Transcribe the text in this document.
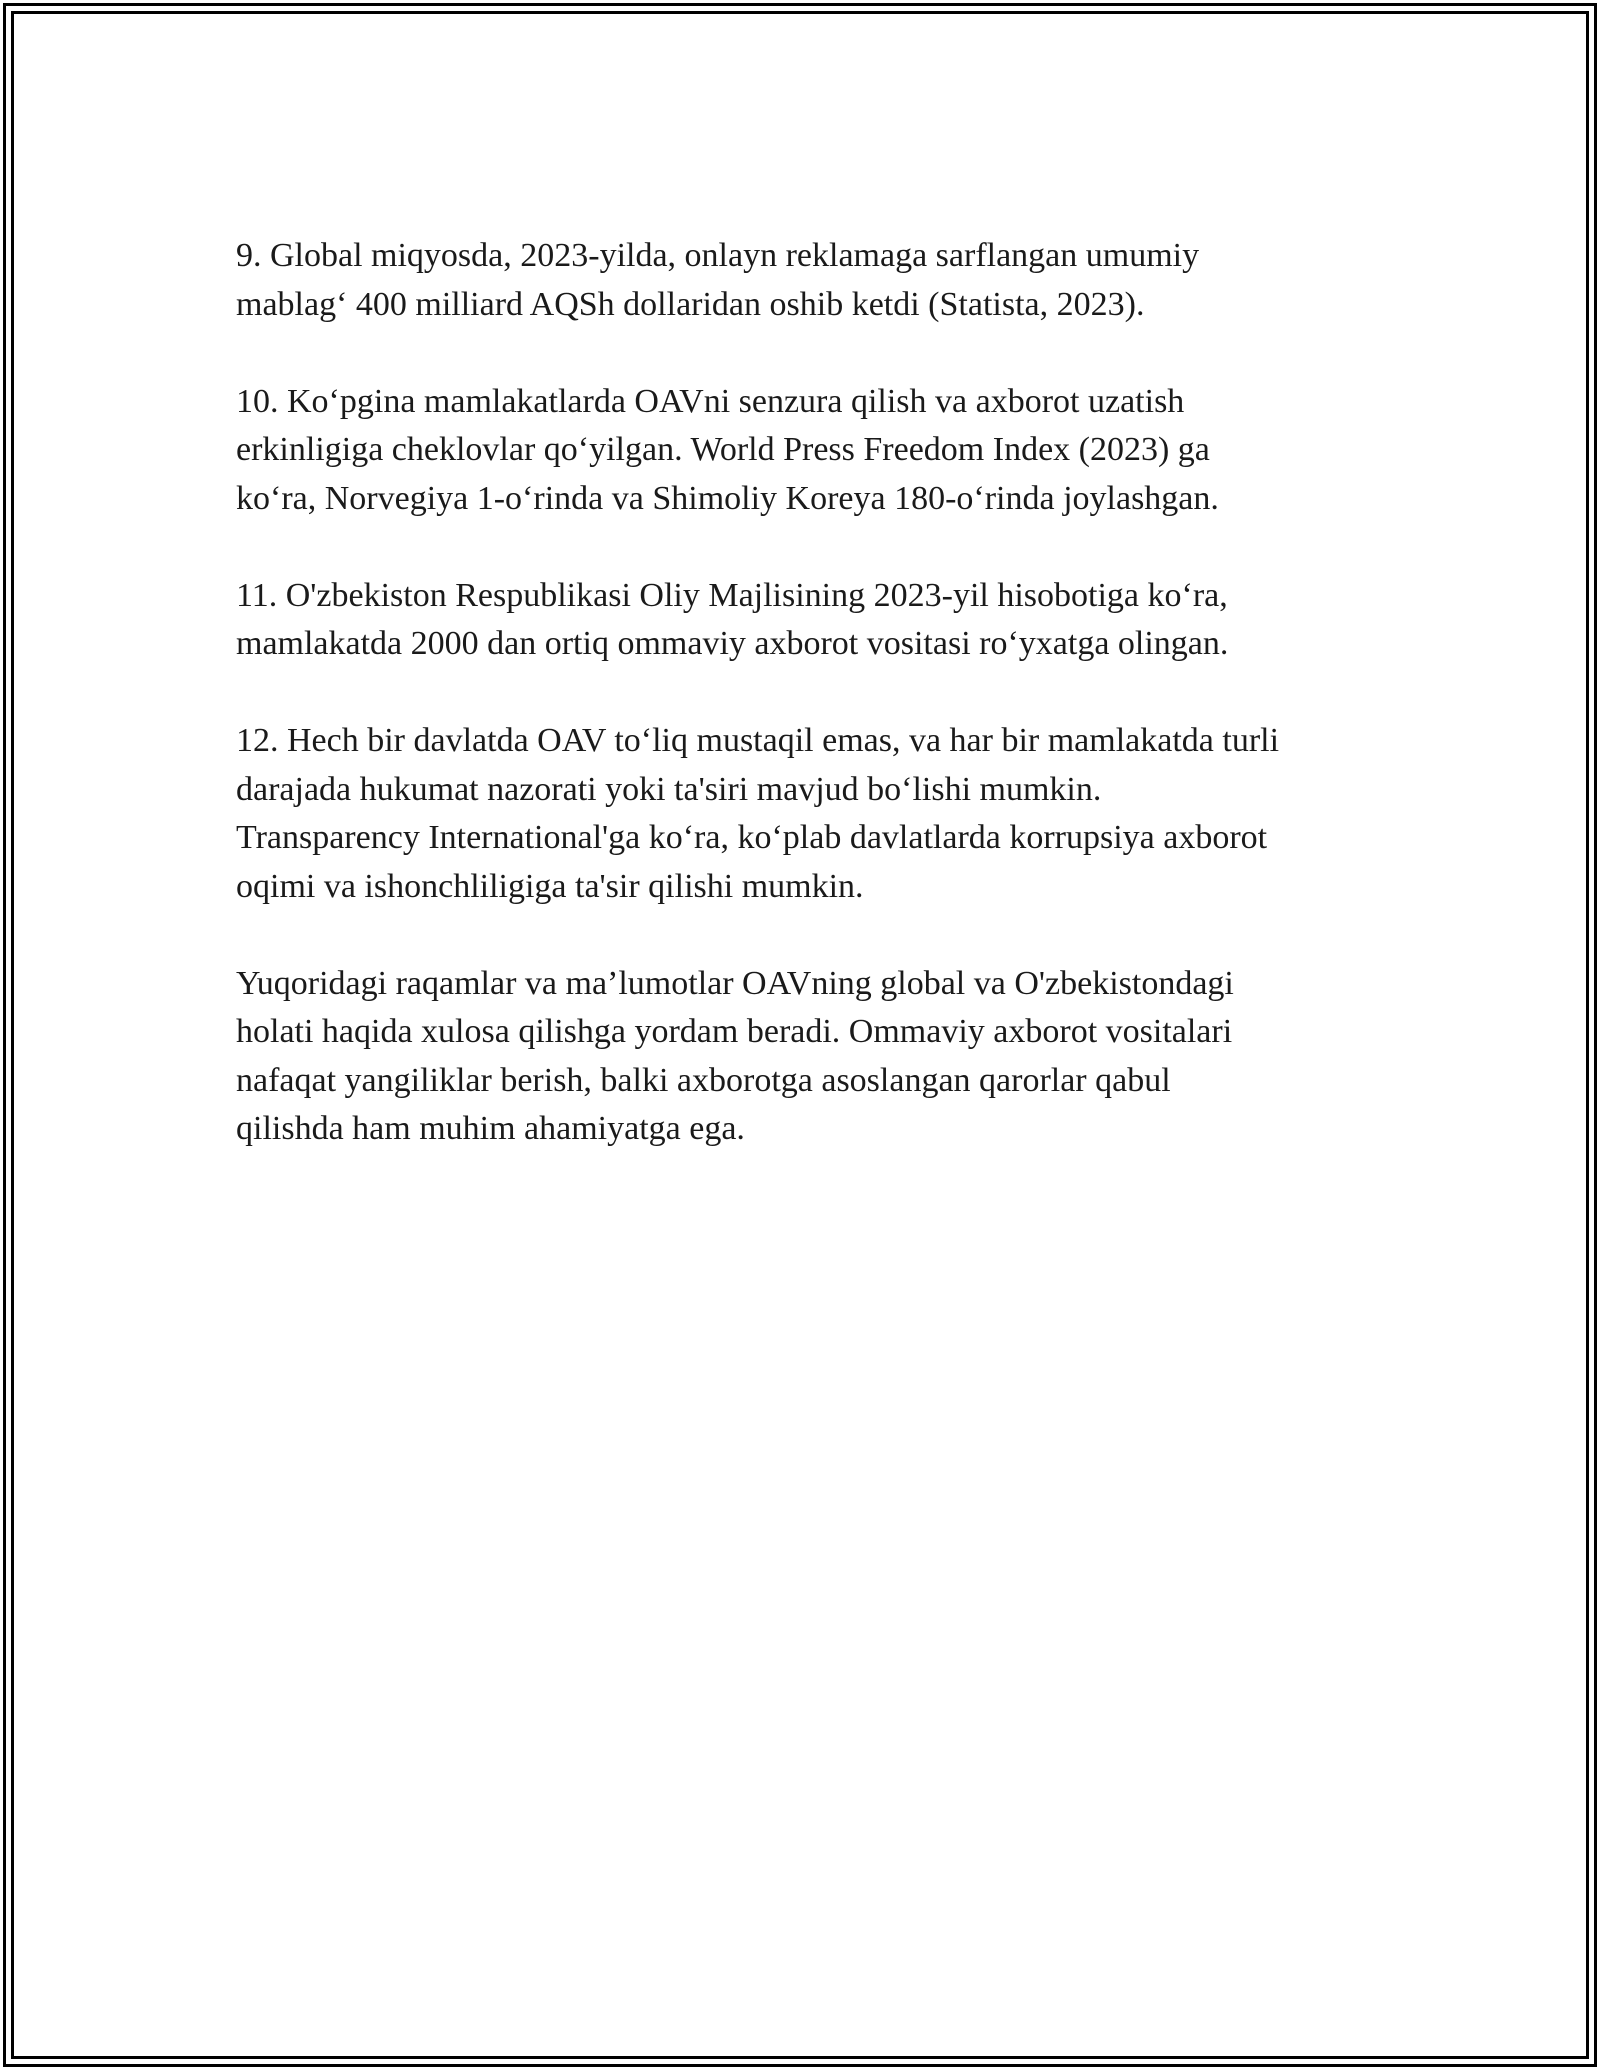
9. Global miqyosda, 2023-yilda, onlayn reklamaga sarflangan umumiy
mablag‘ 400 milliard AQSh dollaridan oshib ketdi (Statista, 2023).

10. Ko‘pgina mamlakatlarda OAVni senzura qilish va axborot uzatish
erkinligiga cheklovlar qo‘yilgan. World Press Freedom Index (2023) ga
ko‘ra, Norvegiya 1-o‘rinda va Shimoliy Koreya 180-o‘rinda joylashgan.

11. O'zbekiston Respublikasi Oliy Majlisining 2023-yil hisobotiga ko‘ra,
mamlakatda 2000 dan ortiq ommaviy axborot vositasi ro‘yxatga olingan.

12. Hech bir davlatda OAV to‘liq mustaqil emas, va har bir mamlakatda turli
darajada hukumat nazorati yoki ta'siri mavjud bo‘lishi mumkin.
Transparency International'ga ko‘ra, ko‘plab davlatlarda korrupsiya axborot
oqimi va ishonchliligiga ta'sir qilishi mumkin.

Yuqoridagi raqamlar va ma’lumotlar OAVning global va O'zbekistondagi
holati haqida xulosa qilishga yordam beradi. Ommaviy axborot vositalari
nafaqat yangiliklar berish, balki axborotga asoslangan qarorlar qabul
qilishda ham muhim ahamiyatga ega.
